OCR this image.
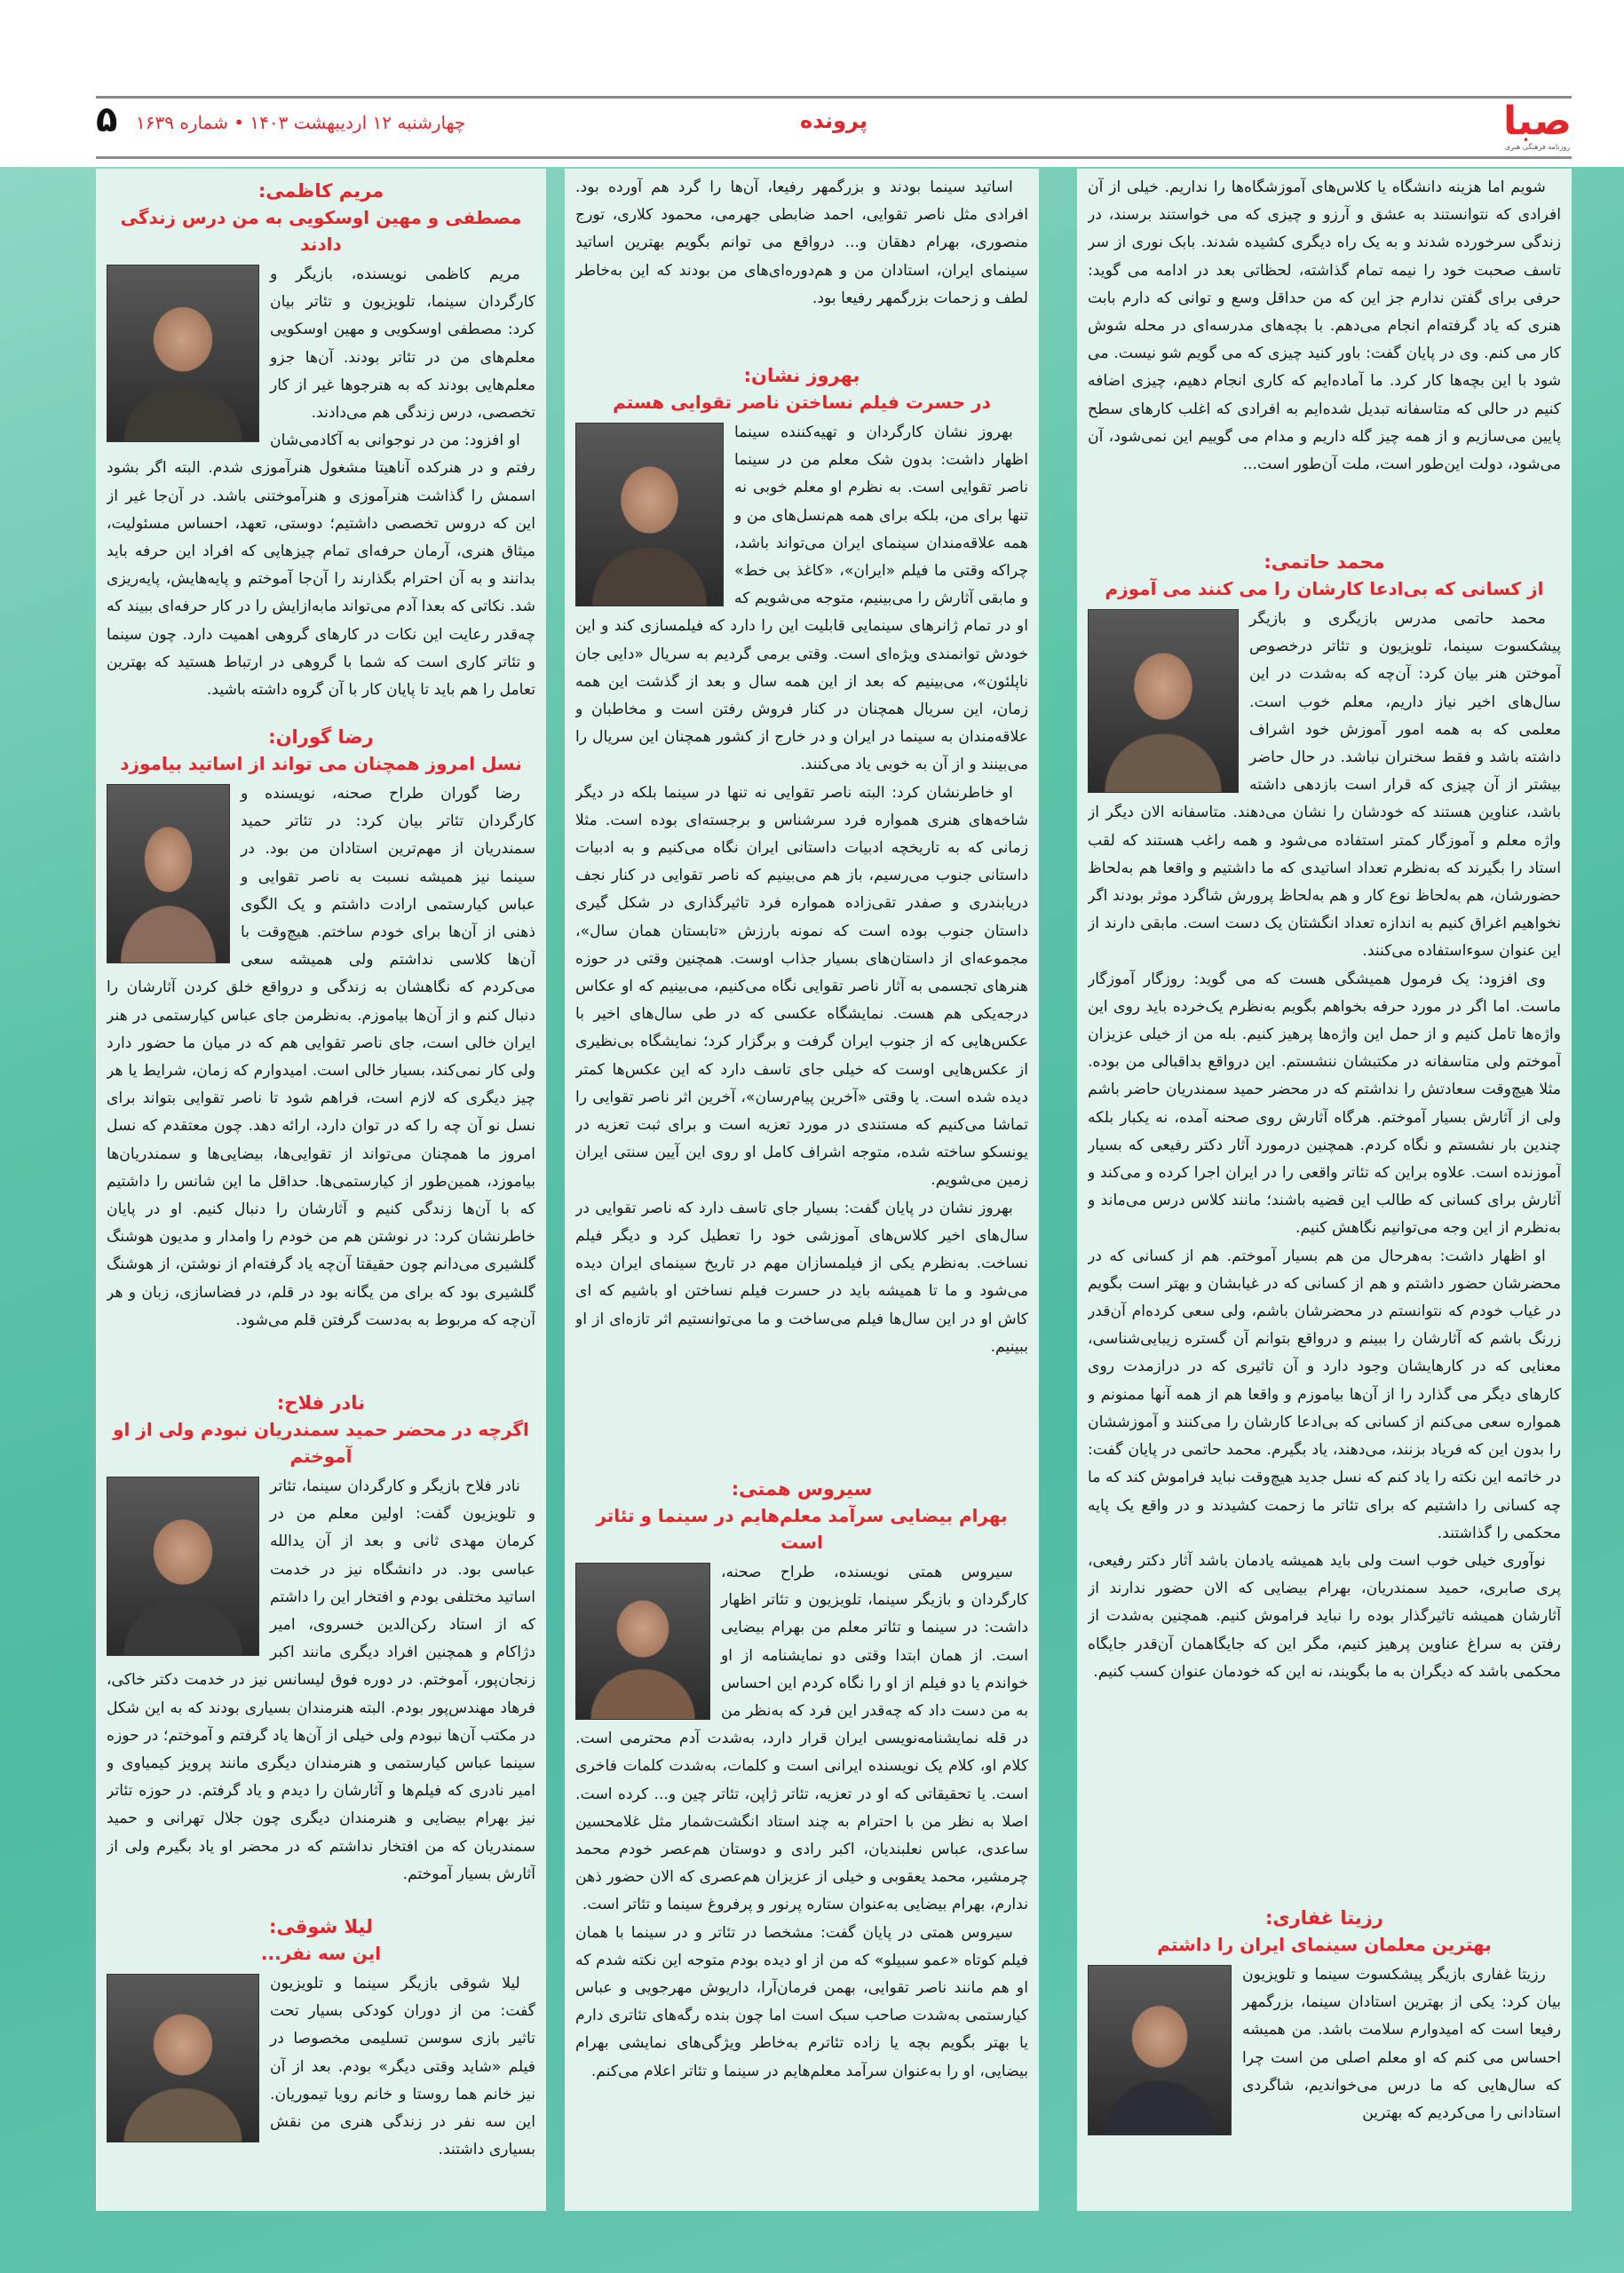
صبا
روزنامه فرهنگی هنری
پرونده
چهارشنبه ۱۲ اردیبهشت ۱۴۰۳ • شماره ۱۶۳۹
۵

شویم اما هزینه دانشگاه یا کلاس‌های آموزشگاه‌ها را نداریم. خیلی از آن افرادی که نتوانستند به عشق و آرزو و چیزی که می خواستند برسند، در زندگی سرخورده شدند و به یک راه دیگری کشیده شدند. بابک نوری از سر تاسف صحبت خود را نیمه تمام گذاشته، لحظاتی بعد در ادامه می گوید: حرفی برای گفتن ندارم جز این که من حداقل وسع و توانی که دارم بابت هنری که یاد گرفته‌ام انجام می‌دهم. با بچه‌های مدرسه‌ای در محله شوش کار می کنم. وی در پایان گفت: باور کنید چیزی که می گویم شو نیست. می شود با این بچه‌ها کار کرد. ما آماده‌ایم که کاری انجام دهیم، چیزی اضافه کنیم در حالی که متاسفانه تبدیل شده‌ایم به افرادی که اغلب کارهای سطح پایین می‌سازیم و از همه چیز گله داریم و مدام می گوییم این نمی‌شود، آن می‌شود، دولت این‌طور است، ملت آن‌طور است...

محمد حاتمی:
از کسانی که بی‌ادعا کارشان را می کنند می آموزم

محمد حاتمی مدرس بازیگری و بازیگر پیشکسوت سینما، تلویزیون و تئاتر درخصوص آموختن هنر بیان کرد: آن‌چه که به‌شدت در این سال‌های اخیر نیاز داریم، معلم خوب است. معلمی که به همه امور آموزش خود اشراف داشته باشد و فقط سخنران نباشد. در حال حاضر بیشتر از آن چیزی که قرار است بازدهی داشته باشد، عناوین هستند که خودشان را نشان می‌دهند. متاسفانه الان دیگر از واژه معلم و آموزگار کمتر استفاده می‌شود و همه راغب هستند که لقب استاد را بگیرند که به‌نظرم تعداد اساتیدی که ما داشتیم و واقعا هم به‌لحاظ حضورشان، هم به‌لحاظ نوع کار و هم به‌لحاظ پرورش شاگرد موثر بودند اگر نخواهیم اغراق کنیم به اندازه تعداد انگشتان یک دست است. مابقی دارند از این عنوان سوءاستفاده می‌کنند.

وی افزود: یک فرمول همیشگی هست که می گوید: روزگار آموزگار ماست. اما اگر در مورد حرفه بخواهم بگویم به‌نظرم یک‌خرده باید روی این واژه‌ها تامل کنیم و از حمل این واژه‌ها پرهیز کنیم. بله من از خیلی عزیزان آموختم ولی متاسفانه در مکتبشان ننشستم. این درواقع بداقبالی من بوده. مثلا هیچ‌وقت سعادتش را نداشتم که در محضر حمید سمندریان حاضر باشم ولی از آثارش بسیار آموختم. هرگاه آثارش روی صحنه آمده، نه یکبار بلکه چندین بار نشستم و نگاه کردم. همچنین درمورد آثار دکتر رفیعی که بسیار آموزنده است. علاوه براین که تئاتر واقعی را در ایران اجرا کرده و می‌کند و آثارش برای کسانی که طالب این قضیه باشند؛ مانند کلاس درس می‌ماند و به‌نظرم از این وجه می‌توانیم نگاهش کنیم.

او اظهار داشت: به‌هرحال من هم بسیار آموختم. هم از کسانی که در محضرشان حضور داشتم و هم از کسانی که در غیابشان و بهتر است بگویم در غیاب خودم که نتوانستم در محضرشان باشم، ولی سعی کرده‌ام آن‌قدر زرنگ باشم که آثارشان را ببینم و درواقع بتوانم آن گستره زیبایی‌شناسی، معنایی که در کارهایشان وجود دارد و آن تاثیری که در درازمدت روی کارهای دیگر می گذارد را از آن‌ها بیاموزم و واقعا هم از همه آنها ممنونم و همواره سعی می‌کنم از کسانی که بی‌ادعا کارشان را می‌کنند و آموزششان را بدون این که فریاد بزنند، می‌دهند، یاد بگیرم. محمد حاتمی در پایان گفت: در خاتمه این نکته را یاد کنم که نسل جدید هیچ‌وقت نباید فراموش کند که ما چه کسانی را داشتیم که برای تئاتر ما زحمت کشیدند و در واقع یک پایه محکمی را گذاشتند.

نوآوری خیلی خوب است ولی باید همیشه یادمان باشد آثار دکتر رفیعی، پری صابری، حمید سمندریان، بهرام بیضایی که الان حضور ندارند از آثارشان همیشه تاثیرگذار بوده را نباید فراموش کنیم. همچنین به‌شدت از رفتن به سراغ عناوین پرهیز کنیم، مگر این که جایگاهمان آن‌قدر جایگاه محکمی باشد که دیگران به ما بگویند، نه این که خودمان عنوان کسب کنیم.

رزیتا غفاری:
بهترین معلمان سینمای ایران را داشتم

رزیتا غفاری بازیگر پیشکسوت سینما و تلویزیون بیان کرد: یکی از بهترین استادان سینما، بزرگمهر رفیعا است که امیدوارم سلامت باشد. من همیشه احساس می کنم که او معلم اصلی من است چرا که سال‌هایی که ما درس می‌خواندیم، شاگردی استادانی را می‌کردیم که بهترین

اساتید سینما بودند و بزرگمهر رفیعا، آن‌ها را گرد هم آورده بود. افرادی مثل ناصر تقوایی، احمد ضابطی جهرمی، محمود کلاری، تورج منصوری، بهرام دهقان و... درواقع می توانم بگویم بهترین اساتید سینمای ایران، استادان من و هم‌دوره‌ای‌های من بودند که این به‌خاطر لطف و زحمات بزرگمهر رفیعا بود.

بهروز نشان:
در حسرت فیلم نساختن ناصر تقوایی هستم

بهروز نشان کارگردان و تهیه‌کننده سینما اظهار داشت: بدون شک معلم من در سینما ناصر تقوایی است. به نظرم او معلم خوبی نه تنها برای من، بلکه برای همه هم‌نسل‌های من و همه علاقه‌مندان سینمای ایران می‌تواند باشد، چراکه وقتی ما فیلم «ایران»، «کاغذ بی خط» و مابقی آثارش را می‌بینیم، متوجه می‌شویم که او در تمام ژانرهای سینمایی قابلیت این را دارد که فیلمسازی کند و این خودش توانمندی ویژه‌ای است. وقتی برمی گردیم به سریال «دایی جان ناپلئون»، می‌بینیم که بعد از این همه سال و بعد از گذشت این همه زمان، این سریال همچنان در کنار فروش رفتن است و مخاطبان و علاقه‌مندان به سینما در ایران و در خارج از کشور همچنان این سریال را می‌بینند و از آن به خوبی یاد می‌کنند.

او خاطرنشان کرد: البته ناصر تقوایی نه تنها در سینما بلکه در دیگر شاخه‌های هنری همواره فرد سرشناس و برجسته‌ای بوده است. مثلا زمانی که به تاریخچه ادبیات داستانی ایران نگاه می‌کنیم و به ادبیات داستانی جنوب می‌رسیم، باز هم می‌بینیم که ناصر تقوایی در کنار نجف دریابندری و صفدر تقی‌زاده همواره فرد تاثیرگذاری در شکل گیری داستان جنوب بوده است که نمونه بارزش «تابستان همان سال»، مجموعه‌ای از داستان‌های بسیار جذاب اوست. همچنین وقتی در حوزه هنرهای تجسمی به آثار ناصر تقوایی نگاه می‌کنیم، می‌بینیم که او عکاس درجه‌یکی هم هست. نمایشگاه عکسی که در طی سال‌های اخیر با عکس‌هایی که از جنوب ایران گرفت و برگزار کرد؛ نمایشگاه بی‌نظیری از عکس‌هایی اوست که خیلی جای تاسف دارد که این عکس‌ها کمتر دیده شده است. یا وقتی «آخرین پیام‌رسان»، آخرین اثر ناصر تقوایی را تماشا می‌کنیم که مستندی در مورد تعزیه است و برای ثبت تعزیه در یونسکو ساخته شده، متوجه اشراف کامل او روی این آیین سنتی ایران زمین می‌شویم.

بهروز نشان در پایان گفت: بسیار جای تاسف دارد که ناصر تقوایی در سال‌های اخیر کلاس‌های آموزشی خود را تعطیل کرد و دیگر فیلم نساخت. به‌نظرم یکی از فیلمسازان مهم در تاریخ سینمای ایران دیده می‌شود و ما تا همیشه باید در حسرت فیلم نساختن او باشیم که ای کاش او در این سال‌ها فیلم می‌ساخت و ما می‌توانستیم اثر تازه‌ای از او ببینیم.

سیروس همتی:
بهرام بیضایی سرآمد معلم‌هایم در سینما و تئاتر است

سیروس همتی نویسنده، طراح صحنه، کارگردان و بازیگر سینما، تلویزیون و تئاتر اظهار داشت: در سینما و تئاتر معلم من بهرام بیضایی است. از همان ابتدا وقتی دو نمایشنامه از او خواندم یا دو فیلم از او را نگاه کردم این احساس به من دست داد که چه‌قدر این فرد که به‌نظر من در قله نمایشنامه‌نویسی ایران قرار دارد، به‌شدت آدم محترمی است. کلام او، کلام یک نویسنده ایرانی است و کلمات، به‌شدت کلمات فاخری است. یا تحقیقاتی که او در تعزیه، تئاتر ژاپن، تئاتر چین و... کرده است. اصلا به نظر من با احترام به چند استاد انگشت‌شمار مثل غلامحسین ساعدی، عباس نعلبندیان، اکبر رادی و دوستان هم‌عصر خودم محمد چرمشیر، محمد یعقوبی و خیلی از عزیزان هم‌عصری که الان حضور ذهن ندارم، بهرام بیضایی به‌عنوان ستاره پرنور و پرفروغ سینما و تئاتر است.

سیروس همتی در پایان گفت: مشخصا در تئاتر و در سینما با همان فیلم کوتاه «عمو سبیلو» که من از او دیده بودم متوجه این نکته شدم که او هم مانند ناصر تقوایی، بهمن فرمان‌آرا، داریوش مهرجویی و عباس کیارستمی به‌شدت صاحب سبک است اما چون بنده رگه‌های تئاتری دارم یا بهتر بگویم بچه یا زاده تئاترم به‌خاطر ویژگی‌های نمایشی بهرام بیضایی، او را به‌عنوان سرآمد معلم‌هایم در سینما و تئاتر اعلام می‌کنم.

مریم کاظمی:
مصطفی و مهین اوسکویی به من درس زندگی دادند

مریم کاظمی نویسنده، بازیگر و کارگردان سینما، تلویزیون و تئاتر بیان کرد: مصطفی اوسکویی و مهین اوسکویی معلم‌های من در تئاتر بودند. آن‌ها جزو معلم‌هایی بودند که به هنرجوها غیر از کار تخصصی، درس زندگی هم می‌دادند.

او افزود: من در نوجوانی به آکادمی‌شان رفتم و در هنرکده آناهیتا مشغول هنرآموزی شدم. البته اگر بشود اسمش را گذاشت هنرآموزی و هنرآموختنی باشد. در آن‌جا غیر از این که دروس تخصصی داشتیم؛ دوستی، تعهد، احساس مسئولیت، میثاق هنری، آرمان حرفه‌ای تمام چیزهایی که افراد این حرفه باید بدانند و به آن احترام بگذارند را آن‌جا آموختم و پایه‌هایش، پایه‌ریزی شد. نکاتی که بعدا آدم می‌تواند مابه‌ازایش را در کار حرفه‌ای ببیند که چه‌قدر رعایت این نکات در کارهای گروهی اهمیت دارد. چون سینما و تئاتر کاری است که شما با گروهی در ارتباط هستید که بهترین تعامل را هم باید تا پایان کار با آن گروه داشته باشید.

رضا گوران:
نسل امروز همچنان می تواند از اساتید بیاموزد

رضا گوران طراح صحنه، نویسنده و کارگردان تئاتر بیان کرد: در تئاتر حمید سمندریان از مهم‌ترین استادان من بود. در سینما نیز همیشه نسبت به ناصر تقوایی و عباس کیارستمی ارادت داشتم و یک الگوی ذهنی از آن‌ها برای خودم ساختم. هیچ‌وقت با آن‌ها کلاسی نداشتم ولی همیشه سعی می‌کردم که نگاهشان به زندگی و درواقع خلق کردن آثارشان را دنبال کنم و از آن‌ها بیاموزم. به‌نظرمن جای عباس کیارستمی در هنر ایران خالی است، جای ناصر تقوایی هم که در میان ما حضور دارد ولی کار نمی‌کند، بسیار خالی است. امیدوارم که زمان، شرایط یا هر چیز دیگری که لازم است، فراهم شود تا ناصر تقوایی بتواند برای نسل نو آن چه را که در توان دارد، ارائه دهد. چون معتقدم که نسل امروز ما همچنان می‌تواند از تقوایی‌ها، بیضایی‌ها و سمندریان‌ها بیاموزد، همین‌طور از کیارستمی‌ها. حداقل ما این شانس را داشتیم که با آن‌ها زندگی کنیم و آثارشان را دنبال کنیم. او در پایان خاطرنشان کرد: در نوشتن هم من خودم را وامدار و مدیون هوشنگ گلشیری می‌دانم چون حقیقتا آن‌چه یاد گرفته‌ام از نوشتن، از هوشنگ گلشیری بود که برای من یگانه بود در قلم، در فضاسازی، زبان و هر آن‌چه که مربوط به به‌دست گرفتن قلم می‌شود.

نادر فلاح:
اگرچه در محضر حمید سمندریان نبودم ولی از او آموختم

نادر فلاح بازیگر و کارگردان سینما، تئاتر و تلویزیون گفت: اولین معلم من در کرمان مهدی ثانی و بعد از آن یدالله عباسی بود. در دانشگاه نیز در خدمت اساتید مختلفی بودم و افتخار این را داشتم که از استاد رکن‌الدین خسروی، امیر دژاکام و همچنین افراد دیگری مانند اکبر زنجان‌پور، آموختم. در دوره فوق لیسانس نیز در خدمت دکتر خاکی، فرهاد مهندس‌پور بودم. البته هنرمندان بسیاری بودند که به این شکل در مکتب آن‌ها نبودم ولی خیلی از آن‌ها یاد گرفتم و آموختم؛ در حوزه سینما عباس کیارستمی و هنرمندان دیگری مانند پرویز کیمیاوی و امیر نادری که فیلم‌ها و آثارشان را دیدم و یاد گرفتم. در حوزه تئاتر نیز بهرام بیضایی و هنرمندان دیگری چون جلال تهرانی و حمید سمندریان که من افتخار نداشتم که در محضر او یاد بگیرم ولی از آثارش بسیار آموختم.

لیلا شوقی:
این سه نفر...

لیلا شوقی بازیگر سینما و تلویزیون گفت: من از دوران کودکی بسیار تحت تاثیر بازی سوسن تسلیمی مخصوصا در فیلم «شاید وقتی دیگر» بودم. بعد از آن نیز خانم هما روستا و خانم رویا تیموریان. این سه نفر در زندگی هنری من نقش بسیاری داشتند.
